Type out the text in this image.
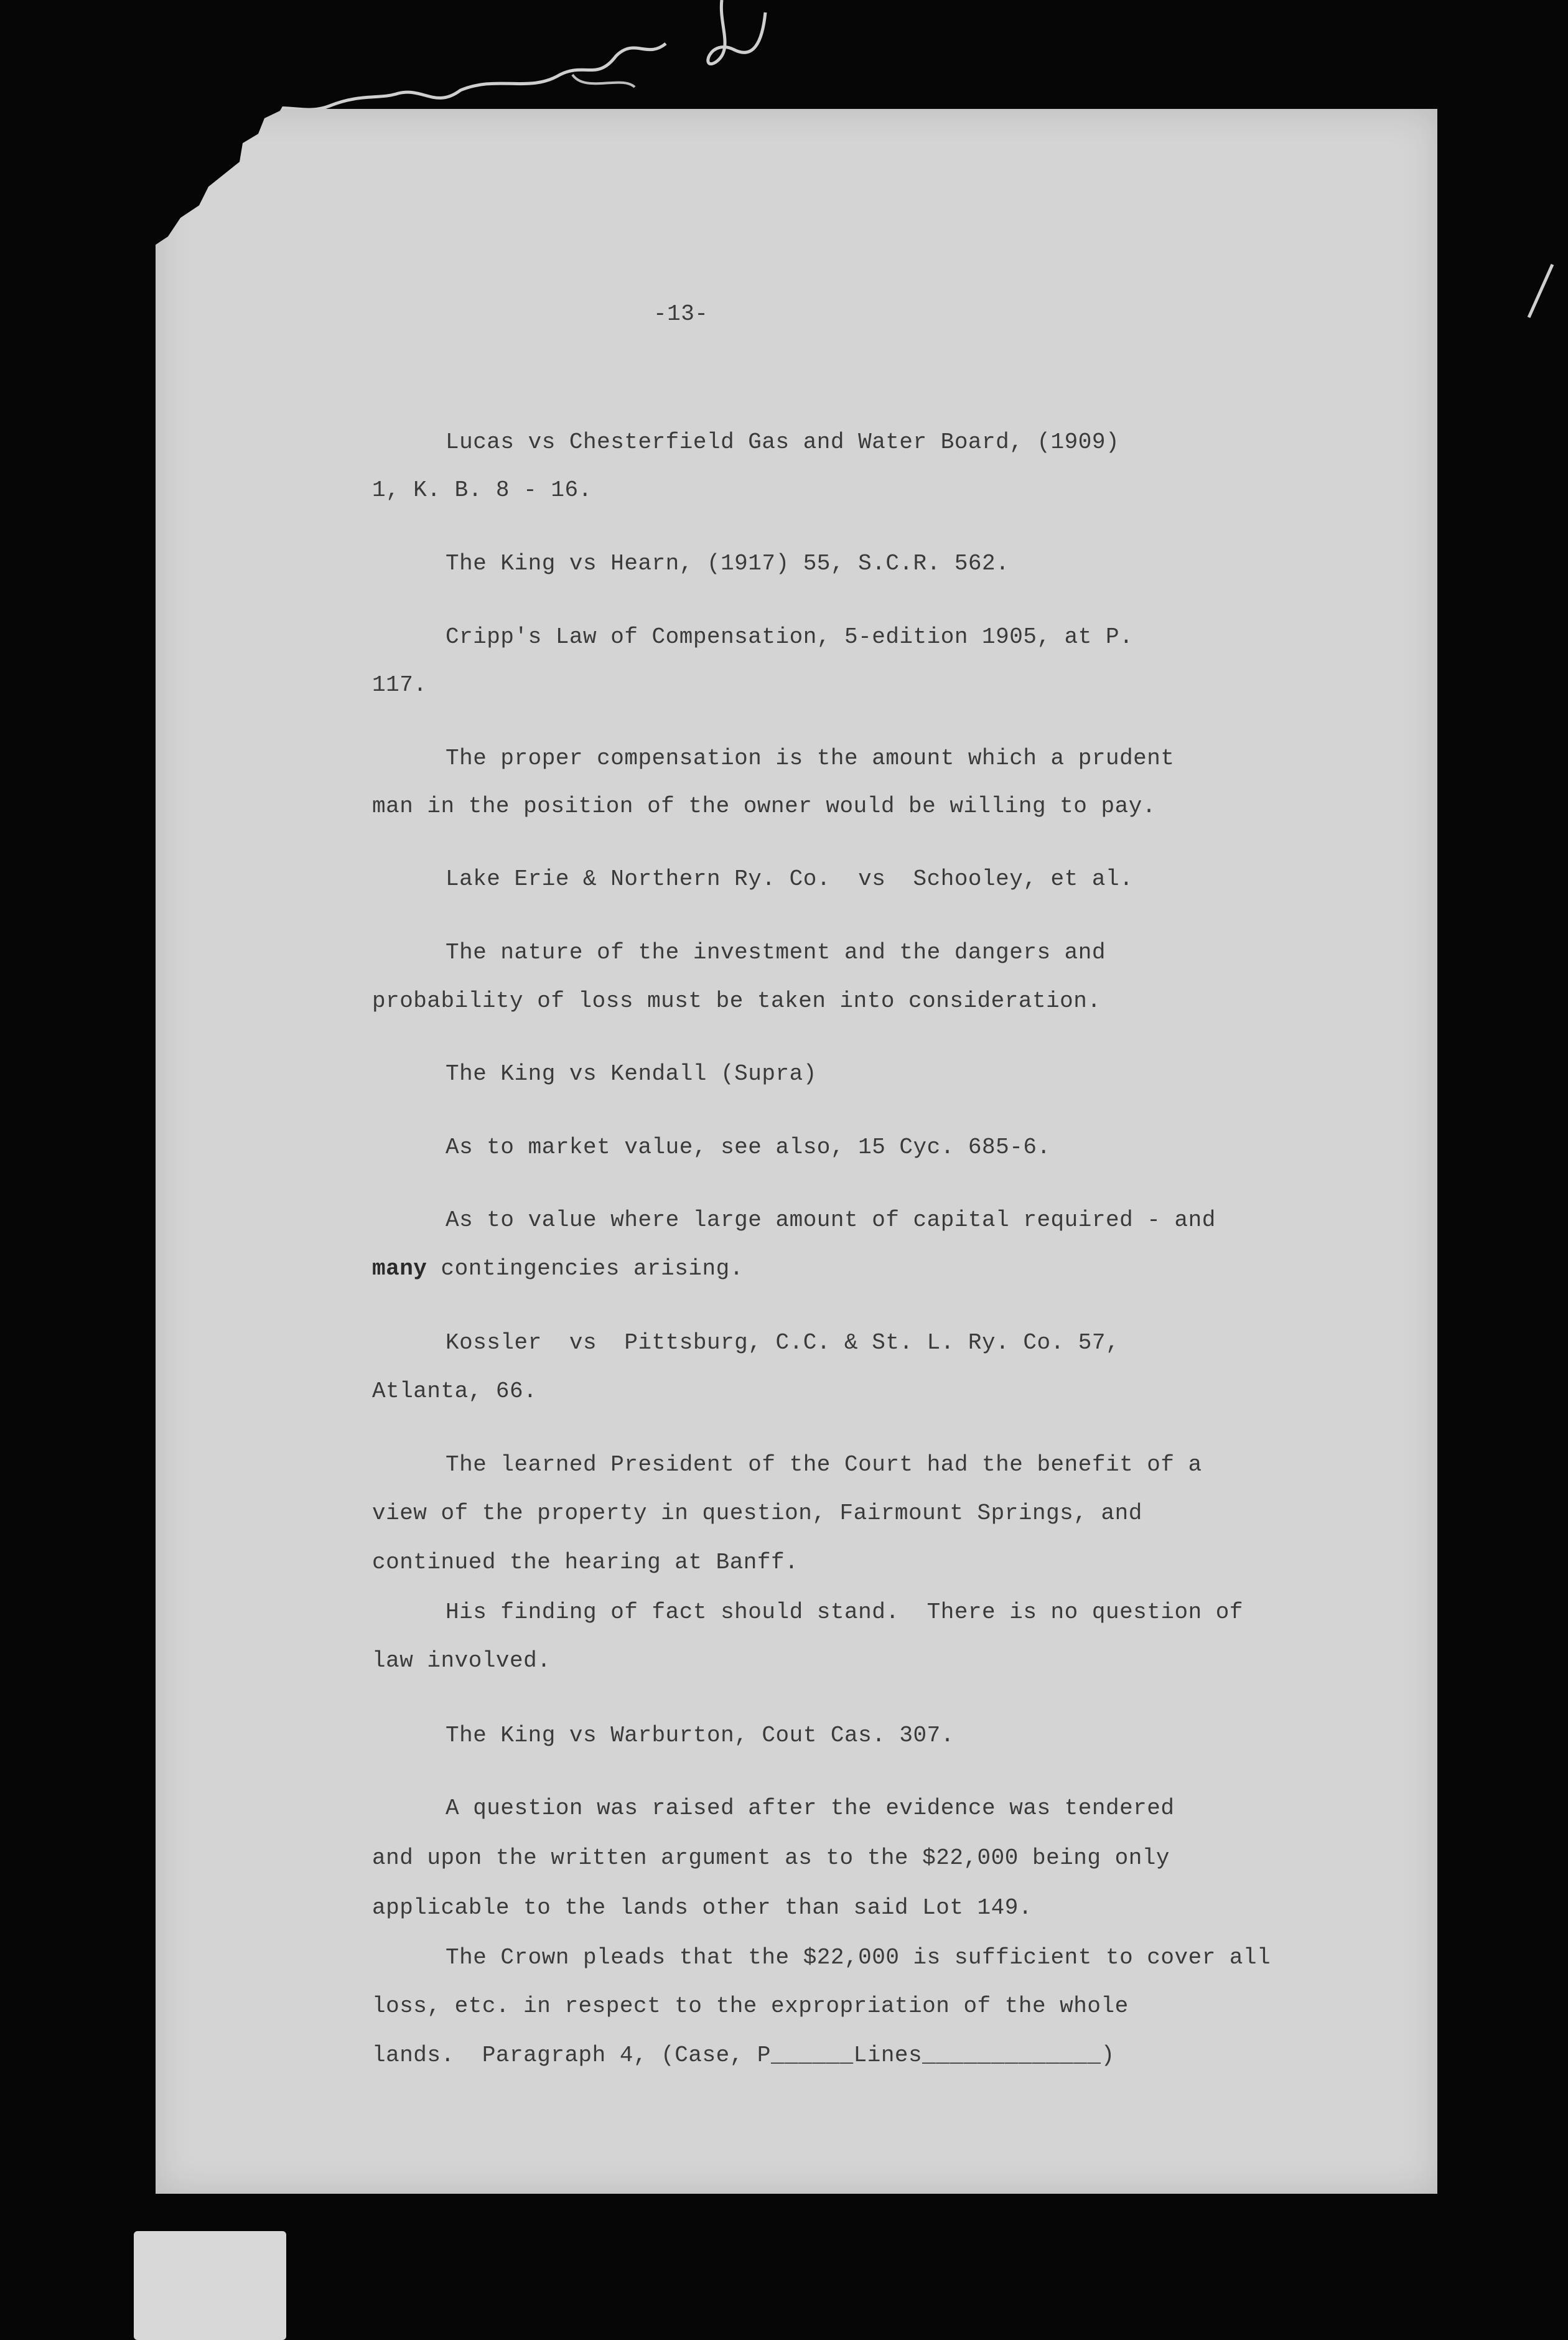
-13-
Lucas vs Chesterfield Gas and Water Board, (1909)
1, K. B. 8 - 16.
The King vs Hearn, (1917) 55, S.C.R. 562.
Cripp's Law of Compensation, 5-edition 1905, at P.
117.
The proper compensation is the amount which a prudent
man in the position of the owner would be willing to pay.
Lake Erie & Northern Ry. Co.  vs  Schooley, et al.
The nature of the investment and the dangers and
probability of loss must be taken into consideration.
The King vs Kendall (Supra)
As to market value, see also, 15 Cyc. 685-6.
As to value where large amount of capital required - and
many contingencies arising.
Kossler  vs  Pittsburg, C.C. & St. L. Ry. Co. 57,
Atlanta, 66.
The learned President of the Court had the benefit of a
view of the property in question, Fairmount Springs, and
continued the hearing at Banff.
His finding of fact should stand.  There is no question of
law involved.
The King vs Warburton, Cout Cas. 307.
A question was raised after the evidence was tendered
and upon the written argument as to the $22,000 being only
applicable to the lands other than said Lot 149.
The Crown pleads that the $22,000 is sufficient to cover all
loss, etc. in respect to the expropriation of the whole
lands.  Paragraph 4, (Case, P______Lines_____________)
